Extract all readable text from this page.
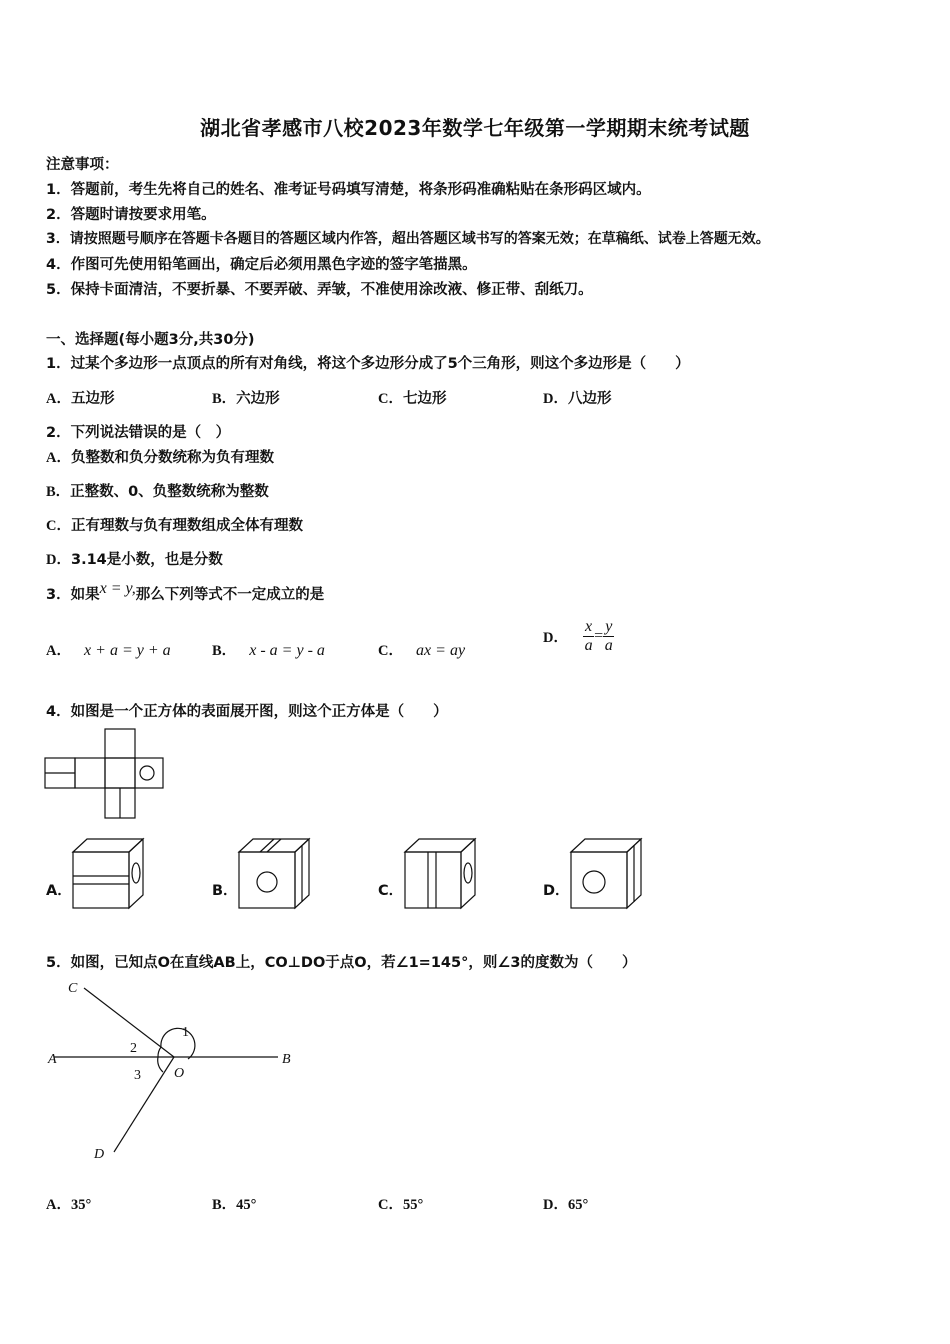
湖北省孝感市八校2023年数学七年级第一学期期末统考试题
注意事项：
1．答题前，考生先将自己的姓名、准考证号码填写清楚，将条形码准确粘贴在条形码区域内。
2．答题时请按要求用笔。
3．请按照题号顺序在答题卡各题目的答题区域内作答，超出答题区域书写的答案无效；在草稿纸、试卷上答题无效。
4．作图可先使用铅笔画出，确定后必须用黑色字迹的签字笔描黑。
5．保持卡面清洁，不要折暴、不要弄破、弄皱，不准使用涂改液、修正带、刮纸刀。
一、选择题(每小题3分,共30分)
1．过某个多边形一点顶点的所有对角线，将这个多边形分成了5个三角形，则这个多边形是（　　）
A．五边形	B．六边形	C．七边形	D．八边形
2．下列说法错误的是（　）
A．负整数和负分数统称为负有理数
B．正整数、0、负整数统称为整数
C．正有理数与负有理数组成全体有理数
D．3.14是小数，也是分数
3．如果x = y,那么下列等式不一定成立的是
A． x + a = y + a	B． x - a = y - a	C． ax = ay
D． $\frac{x}{a} = \frac{y}{a}$
4．如图是一个正方体的表面展开图，则这个正方体是（　　）
A．	B．	C．	D．
5．如图，已知点O在直线AB上，CO⊥DO于点O，若∠1=145°，则∠3的度数为（　　）
C
A	B
O
D
1
2
3
A．35°	B．45°	C．55°	D．65°
